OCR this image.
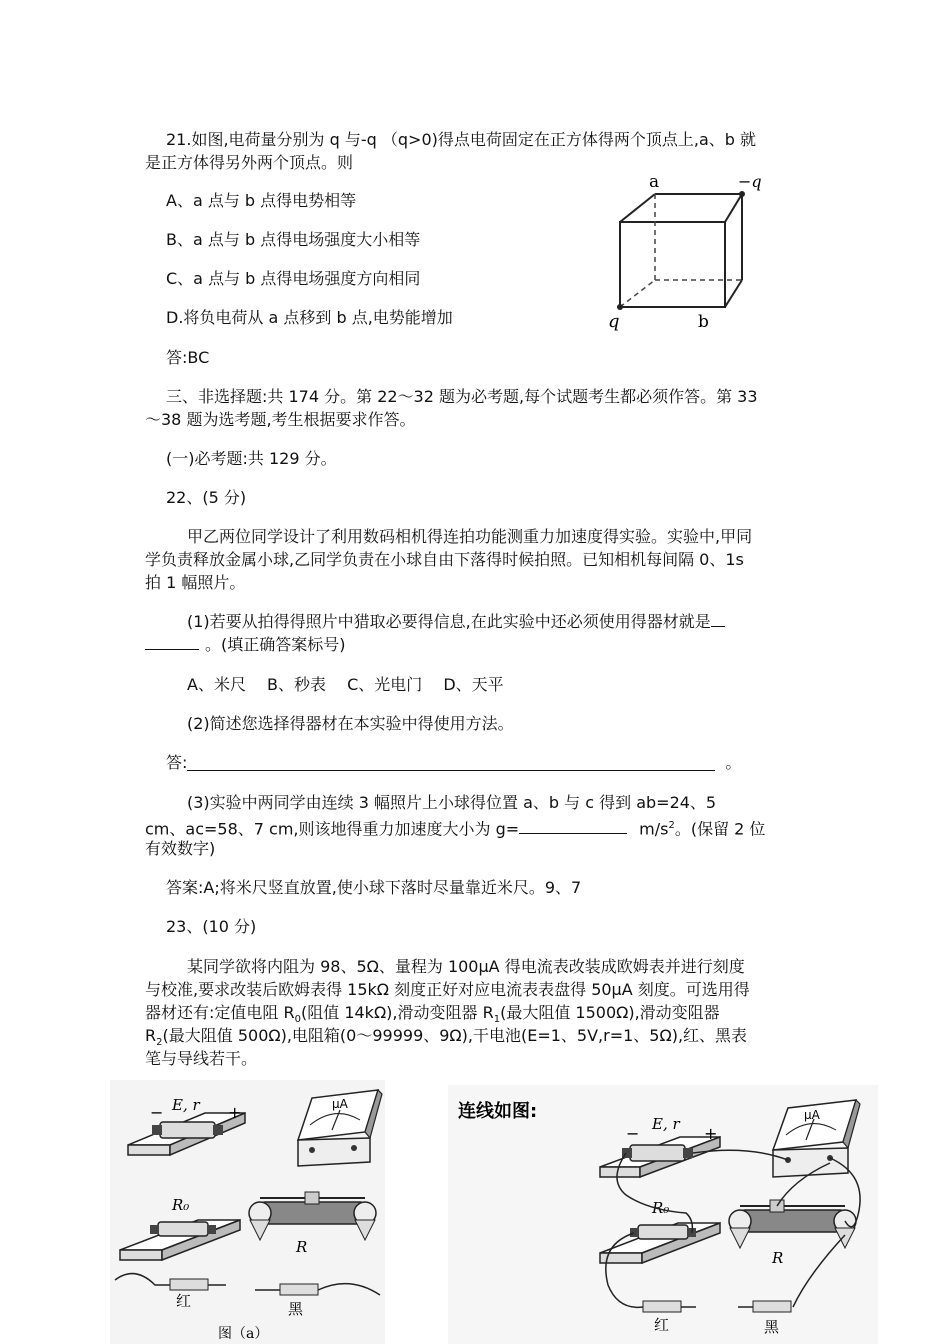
21.如图,电荷量分别为 q 与-q （q>0)得点电荷固定在正方体得两个顶点上,a、b 就
是正方体得另外两个顶点。则
A、a 点与 b 点得电势相等
B、a 点与 b 点得电场强度大小相等
C、a 点与 b 点得电场强度方向相同
D.将负电荷从 a 点移到 b 点,电势能增加
答:BC
a	−q
q	b
三、非选择题:共 174 分。第 22～32 题为必考题,每个试题考生都必须作答。第 33
～38 题为选考题,考生根据要求作答。
(一)必考题:共 129 分。
22、(5 分)
甲乙两位同学设计了利用数码相机得连拍功能测重力加速度得实验。实验中,甲同
学负责释放金属小球,乙同学负责在小球自由下落得时候拍照。已知相机每间隔 0、1s
拍 1 幅照片。
(1)若要从拍得得照片中猎取必要得信息,在此实验中还必须使用得器材就是
。(填正确答案标号)
A、米尺　 B、秒表　 C、光电门　 D、天平
(2)简述您选择得器材在本实验中得使用方法。
答:	。
(3)实验中两同学由连续 3 幅照片上小球得位置 a、b 与 c 得到 ab=24、5
cm、ac=58、7 cm,则该地得重力加速度大小为 g=	$m/s^2$。(保留 2 位
有效数字)
答案:A;将米尺竖直放置,使小球下落时尽量靠近米尺。9、7
23、(10 分)
某同学欲将内阻为 98、5Ω、量程为 100μA 得电流表改装成欧姆表并进行刻度
与校准,要求改装后欧姆表得 15kΩ 刻度正好对应电流表表盘得 50μA 刻度。可选用得
器材还有:定值电阻 $R_0$(阻值 14kΩ),滑动变阻器 $R_1$(最大阻值 1500Ω),滑动变阻器
$R_2$(最大阻值 500Ω),电阻箱(0～99999、9Ω),干电池(E=1、5V,r=1、5Ω),红、黑表
笔与导线若干。
E, r
−	+	μA
R₀
R
红	黑
图（a）
连线如图:
E, r
−	+
μA
R₀
R
红	黑
